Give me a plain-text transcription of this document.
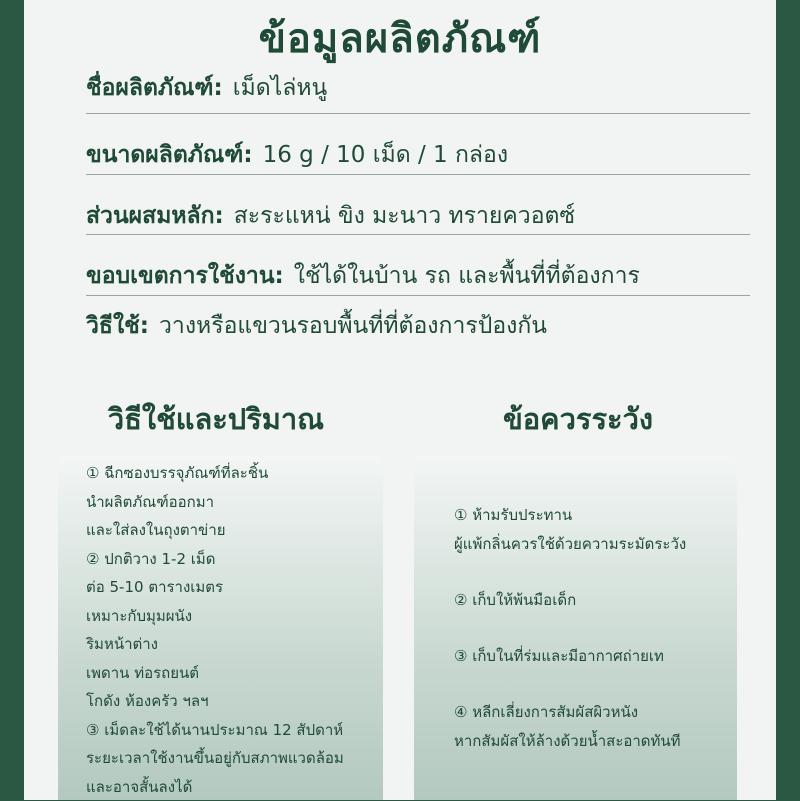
ข้อมูลผลิตภัณฑ์
ชื่อผลิตภัณฑ์: เม็ดไล่หนู
ขนาดผลิตภัณฑ์: 16 g / 10 เม็ด / 1 กล่อง
ส่วนผสมหลัก: สะระแหน่ ขิง มะนาว ทรายควอตซ์
ขอบเขตการใช้งาน: ใช้ได้ในบ้าน รถ และพื้นที่ที่ต้องการ
วิธีใช้: วางหรือแขวนรอบพื้นที่ที่ต้องการป้องกัน
วิธีใช้และปริมาณ	ข้อควรระวัง
① ฉีกซองบรรจุภัณฑ์ที่ละชิ้น
นำผลิตภัณฑ์ออกมา
และใส่ลงในถุงตาข่าย
② ปกติวาง 1-2 เม็ด
ต่อ 5-10 ตารางเมตร
เหมาะกับมุมผนัง
ริมหน้าต่าง
เพดาน ท่อรถยนต์
โกดัง ห้องครัว ฯลฯ
③ เม็ดละใช้ได้นานประมาณ 12 สัปดาห์
ระยะเวลาใช้งานขึ้นอยู่กับสภาพแวดล้อม
และอาจสั้นลงได้
① ห้ามรับประทาน
ผู้แพ้กลิ่นควรใช้ด้วยความระมัดระวัง
② เก็บให้พ้นมือเด็ก
③ เก็บในที่ร่มและมีอากาศถ่ายเท
④ หลีกเลี่ยงการสัมผัสผิวหนัง
หากสัมผัสให้ล้างด้วยน้ำสะอาดทันที
